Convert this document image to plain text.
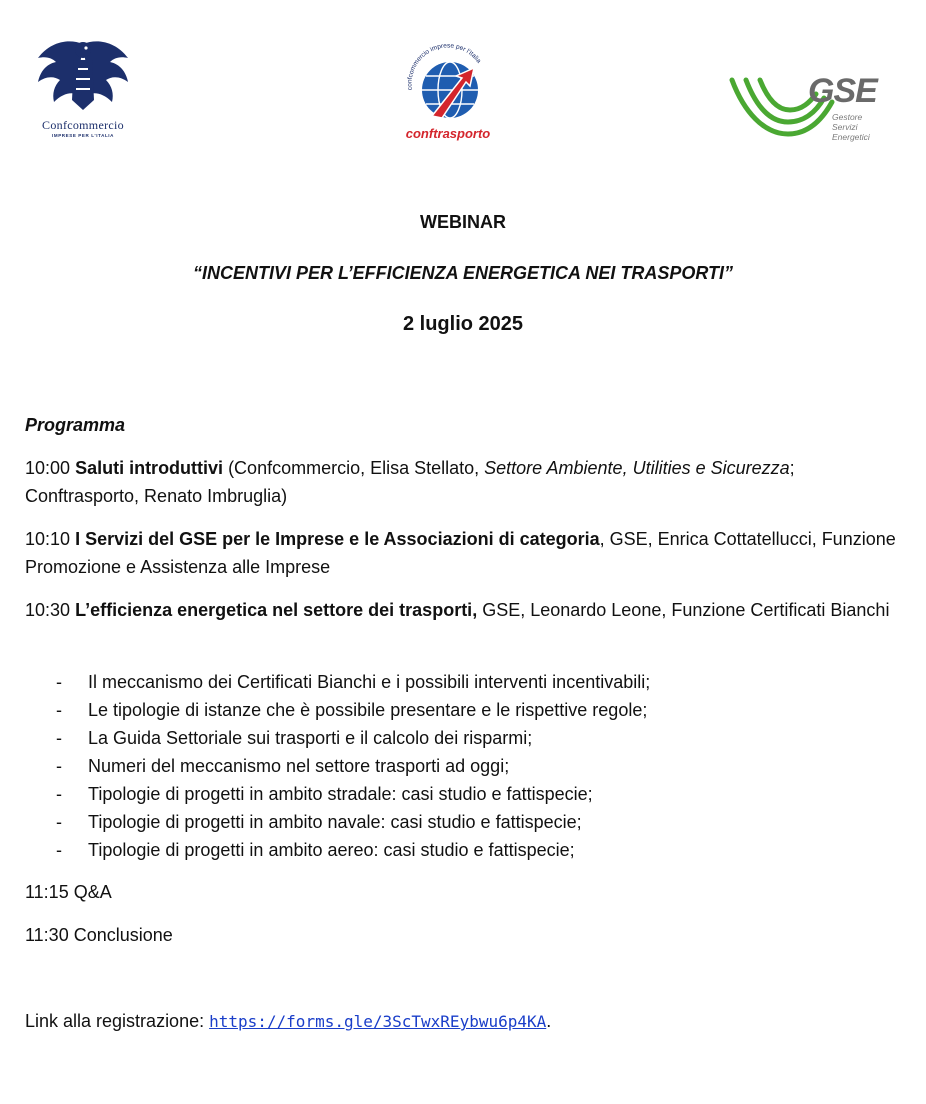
Confcommercio
IMPRESE PER L'ITALIA
confcommercio imprese per l'Italia
conftrasporto
GSE
Gestore
Servizi
Energetici
WEBINAR
“INCENTIVI PER L’EFFICIENZA ENERGETICA NEI TRASPORTI”
2 luglio 2025
Programma
10:00 Saluti introduttivi (Confcommercio, Elisa Stellato, Settore Ambiente, Utilities e Sicurezza; Conftrasporto, Renato Imbruglia)
10:10 I Servizi del GSE per le Imprese e le Associazioni di categoria, GSE, Enrica Cottatellucci, Funzione Promozione e Assistenza alle Imprese
10:30 L’efficienza energetica nel settore dei trasporti, GSE, Leonardo Leone, Funzione Certificati Bianchi
- Il meccanismo dei Certificati Bianchi e i possibili interventi incentivabili;
- Le tipologie di istanze che è possibile presentare e le rispettive regole;
- La Guida Settoriale sui trasporti e il calcolo dei risparmi;
- Numeri del meccanismo nel settore trasporti ad oggi;
- Tipologie di progetti in ambito stradale: casi studio e fattispecie;
- Tipologie di progetti in ambito navale: casi studio e fattispecie;
- Tipologie di progetti in ambito aereo: casi studio e fattispecie;
11:15 Q&A
11:30 Conclusione
Link alla registrazione: https://forms.gle/3ScTwxREybwu6p4KA.
